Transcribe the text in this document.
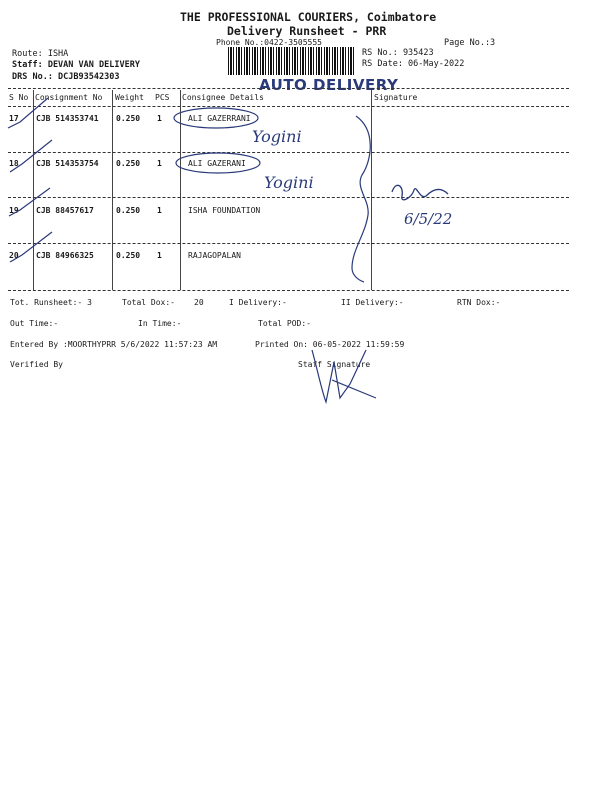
THE PROFESSIONAL COURIERS, Coimbatore
Delivery Runsheet - PRR
Phone No.:0422-3505555	Page No.:3
Route: ISHA
Staff: DEVAN VAN DELIVERY
DRS No.: DCJB93542303
RS No.: 935423
RS Date: 06-May-2022
AUTO DELIVERY
S No Consignment No Weight PCS Consignee Details	Signature
17 CJB 514353741 0.250 1	ALI GAZERRANI
18 CJB 514353754 0.250 1	ALI GAZERANI
19 CJB 88457617	0.250 1	ISHA FOUNDATION
20 CJB 84966325	0.250 1	RAJAGOPALAN
Tot. Runsheet:- 3	Total Dox:- 20	I Delivery:-	II Delivery:-	RTN Dox:-
Out Time:-	In Time:-	Total POD:-
Entered By :MOORTHYPRR 5/6/2022 11:57:23 AM	Printed On: 06-05-2022 11:59:59
Verified By	Staff Signature
Yogini
Yogini
6/5/22
